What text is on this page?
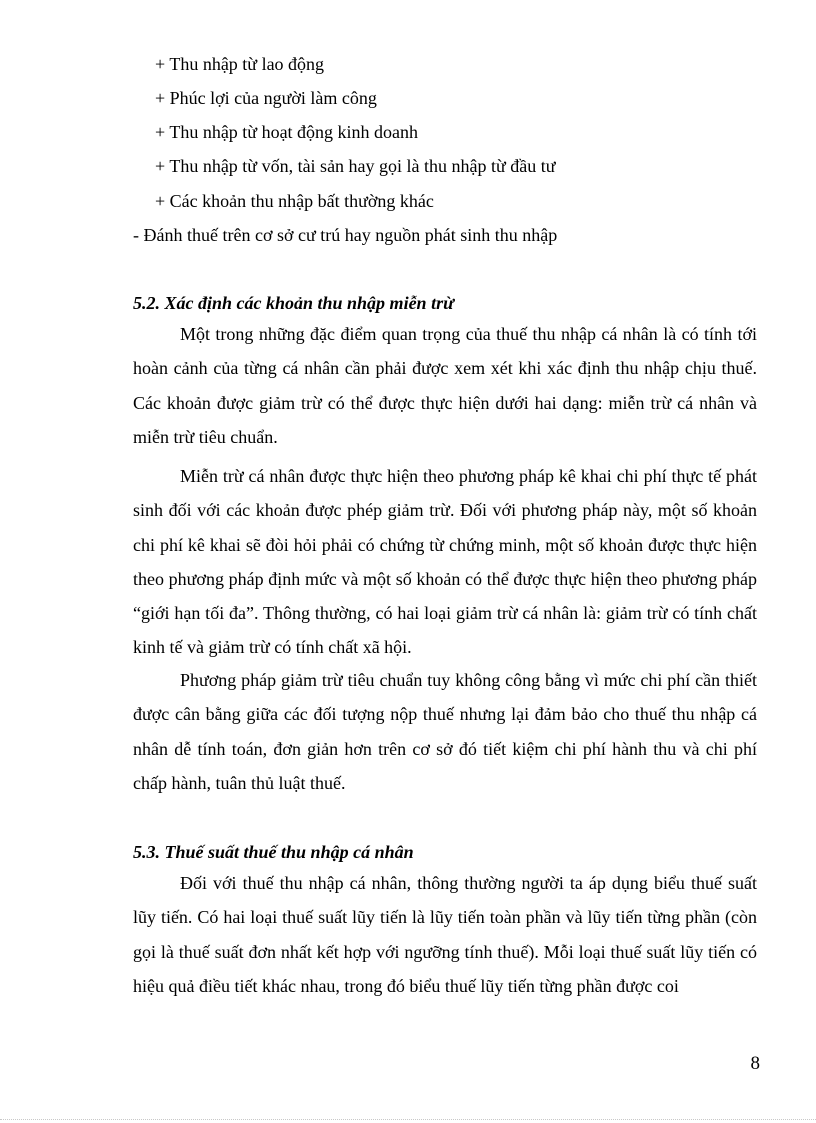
+ Thu nhập từ lao động
+ Phúc lợi của người làm công
+ Thu nhập từ hoạt động kinh doanh
+ Thu nhập từ vốn, tài sản hay gọi là thu nhập từ đầu tư
+ Các khoản thu nhập bất thường khác
- Đánh thuế trên cơ sở cư trú hay nguồn phát sinh thu nhập
5.2. Xác định các khoản thu nhập miễn trừ
Một trong những đặc điểm quan trọng của thuế thu nhập cá nhân là có tính tới hoàn cảnh của từng cá nhân cần phải được xem xét khi xác định thu nhập chịu thuế. Các khoản được giảm trừ có thể được thực hiện dưới hai dạng: miễn trừ cá nhân và miễn trừ tiêu chuẩn.
Miễn trừ cá nhân được thực hiện theo phương pháp kê khai chi phí thực tế phát sinh đối với các khoản được phép giảm trừ. Đối với phương pháp này, một số khoản chi phí kê khai sẽ đòi hỏi phải có chứng từ chứng minh, một số khoản được thực hiện theo phương pháp định mức và một số khoản có thể được thực hiện theo phương pháp “giới hạn tối đa”. Thông thường, có hai loại giảm trừ cá nhân là: giảm trừ có tính chất kinh tế và giảm trừ có tính chất xã hội.
Phương pháp giảm trừ tiêu chuẩn tuy không công bằng vì mức chi phí cần thiết được cân bằng giữa các đối tượng nộp thuế nhưng lại đảm bảo cho thuế thu nhập cá nhân dễ tính toán, đơn giản hơn trên cơ sở đó tiết kiệm chi phí hành thu và chi phí chấp hành, tuân thủ luật thuế.
5.3. Thuế suất thuế thu nhập cá nhân
Đối với thuế thu nhập cá nhân, thông thường người ta áp dụng biểu thuế suất lũy tiến. Có hai loại thuế suất lũy tiến là lũy tiến toàn phần và lũy tiến từng phần (còn gọi là thuế suất đơn nhất kết hợp với ngưỡng tính thuế). Mỗi loại thuế suất lũy tiến có hiệu quả điều tiết khác nhau, trong đó biểu thuế lũy tiến từng phần được coi
8
